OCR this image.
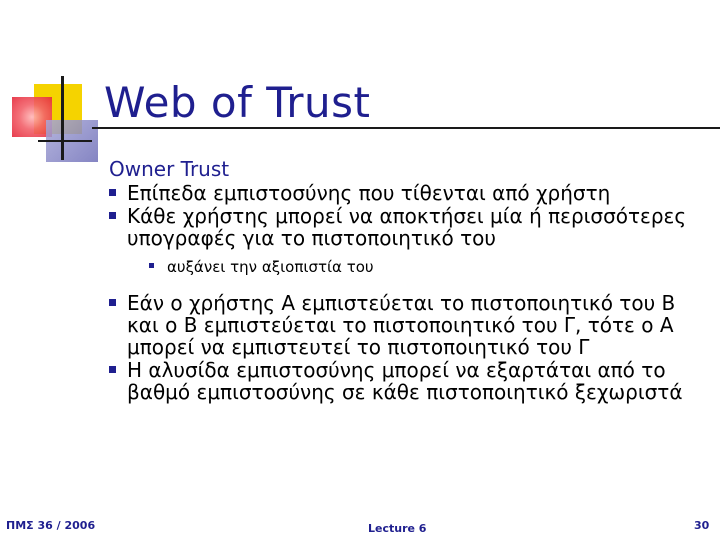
Web of Trust
Owner Trust
Επίπεδα εμπιστοσύνης που τίθενται από χρήστη
Κάθε χρήστης μπορεί να αποκτήσει μία ή περισσότερες υπογραφές για το πιστοποιητικό του
αυξάνει την αξιοπιστία του
Εάν ο χρήστης A εμπιστεύεται το πιστοποιητικό του B και ο B εμπιστεύεται το πιστοποιητικό του Γ, τότε ο A μπορεί να εμπιστευτεί το πιστοποιητικό του Γ
Η αλυσίδα εμπιστοσύνης μπορεί να εξαρτάται από το βαθμό εμπιστοσύνης σε κάθε πιστοποιητικό ξεχωριστά
ΠΜΣ 36 / 2006	Lecture 6	30
